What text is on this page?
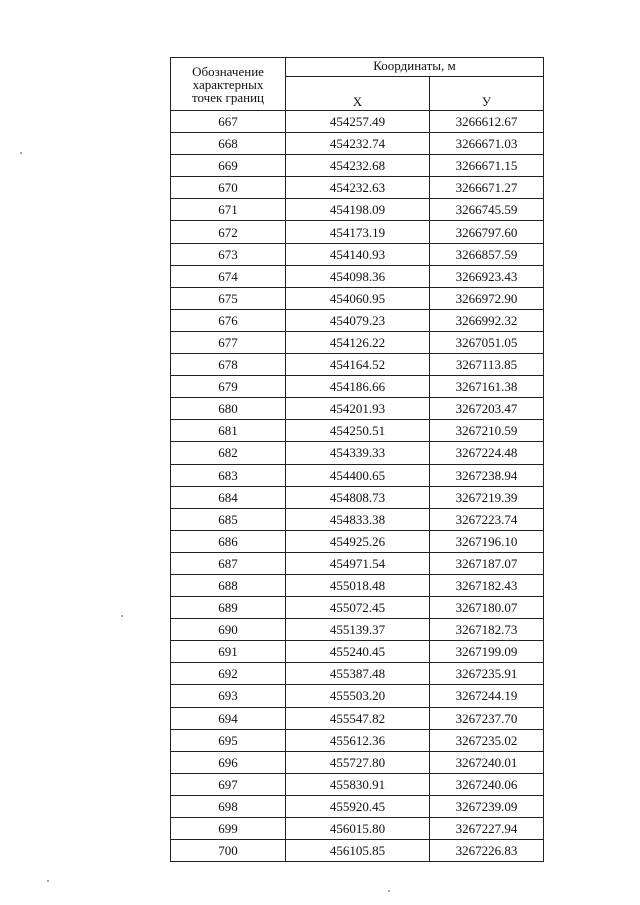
Обозначение
характерных
точек границ	Координаты, м	
	X	У
667	454257.49	3266612.67
668	454232.74	3266671.03
669	454232.68	3266671.15
670	454232.63	3266671.27
671	454198.09	3266745.59
672	454173.19	3266797.60
673	454140.93	3266857.59
674	454098.36	3266923.43
675	454060.95	3266972.90
676	454079.23	3266992.32
677	454126.22	3267051.05
678	454164.52	3267113.85
679	454186.66	3267161.38
680	454201.93	3267203.47
681	454250.51	3267210.59
682	454339.33	3267224.48
683	454400.65	3267238.94
684	454808.73	3267219.39
685	454833.38	3267223.74
686	454925.26	3267196.10
687	454971.54	3267187.07
688	455018.48	3267182.43
689	455072.45	3267180.07
690	455139.37	3267182.73
691	455240.45	3267199.09
692	455387.48	3267235.91
693	455503.20	3267244.19
694	455547.82	3267237.70
695	455612.36	3267235.02
696	455727.80	3267240.01
697	455830.91	3267240.06
698	455920.45	3267239.09
699	456015.80	3267227.94
700	456105.85	3267226.83
